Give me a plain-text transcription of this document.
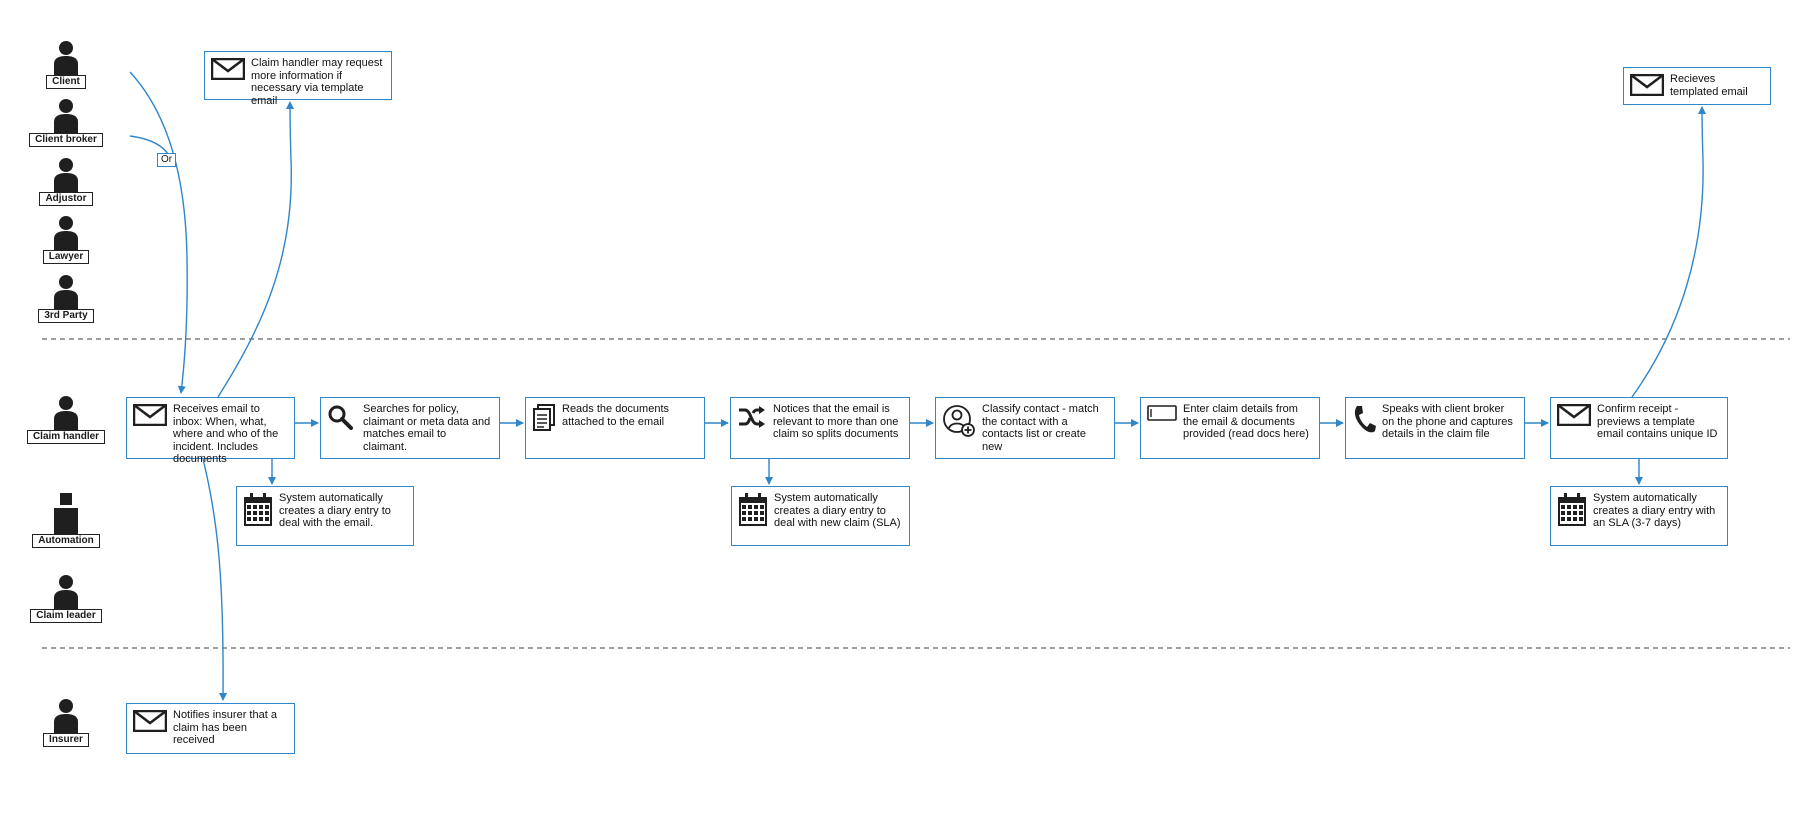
Or
Client
Client broker
Adjustor
Lawyer
3rd Party
Claim handler
Automation
Claim leader
Insurer
Claim handler may request more information if necessary via template email
Recieves templated email
Receives email to inbox: When, what, where and who of the incident. Includes documents
Searches for policy, claimant or meta data and matches email to claimant.
Reads the documents attached to the email
Notices that the email is relevant to more than one claim so splits documents
Classify contact - match the contact with a contacts list or create new
Enter claim details from the email & documents provided (read docs here)
Speaks with client broker on the phone and captures details in the claim file
Confirm receipt - previews a template email contains unique ID
System automatically creates a diary entry to deal with the email.
System automatically creates a diary entry to deal with new claim (SLA)
System automatically creates a diary entry with an SLA (3-7 days)
Notifies insurer that a claim has been received
